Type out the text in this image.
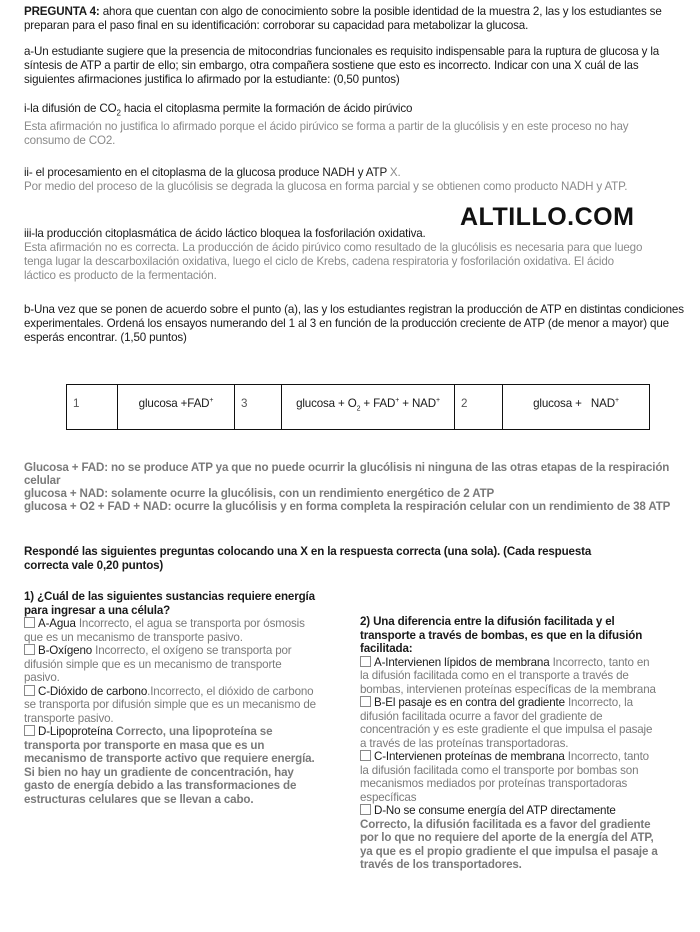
PREGUNTA 4: ahora que cuentan con algo de conocimiento sobre la posible identidad de la muestra 2, las y los estudiantes se preparan para el paso final en su identificación: corroborar su capacidad para metabolizar la glucosa.
a-Un estudiante sugiere que la presencia de mitocondrias funcionales es requisito indispensable para la ruptura de glucosa y la síntesis de ATP a partir de ello; sin embargo, otra compañera sostiene que esto es incorrecto. Indicar con una X cuál de las siguientes afirmaciones justifica lo afirmado por la estudiante: (0,50 puntos)
i-la difusión de $CO_2$ hacia el citoplasma permite la formación de ácido pirúvico
Esta afirmación no justifica lo afirmado porque el ácido pirúvico se forma a partir de la glucólisis y en este proceso no hay consumo de CO2.
ii- el procesamiento en el citoplasma de la glucosa produce NADH y ATP X.
Por medio del proceso de la glucólisis se degrada la glucosa en forma parcial y se obtienen como producto NADH y ATP.
ALTILLO.COM
iii-la producción citoplasmática de ácido láctico bloquea la fosforilación oxidativa.
Esta afirmación no es correcta. La producción de ácido pirúvico como resultado de la glucólisis es necesaria para que luego tenga lugar la descarboxilación oxidativa, luego el ciclo de Krebs, cadena respiratoria y fosforilación oxidativa. El ácido láctico es producto de la fermentación.
b-Una vez que se ponen de acuerdo sobre el punto (a), las y los estudiantes registran la producción de ATP en distintas condiciones experimentales. Ordená los ensayos numerando del 1 al 3 en función de la producción creciente de ATP (de menor a mayor) que esperás encontrar. (1,50 puntos)
1	glucosa +FAD+	3	$glucosa + O_2 + FAD^+ + NAD^+$	2	glucosa +   NAD+
Glucosa + FAD: no se produce ATP ya que no puede ocurrir la glucólisis ni ninguna de las otras etapas de la respiración celular
glucosa + NAD: solamente ocurre la glucólisis, con un rendimiento energético de 2 ATP
glucosa + O2 + FAD + NAD: ocurre la glucólisis y en forma completa la respiración celular con un rendimiento de 38 ATP
Respondé las siguientes preguntas colocando una X en la respuesta correcta (una sola). (Cada respuesta correcta vale 0,20 puntos)
1) ¿Cuál de las siguientes sustancias requiere energía para ingresar a una célula?
A-Agua Incorrecto, el agua se transporta por ósmosis que es un mecanismo de transporte pasivo.
B-Oxígeno Incorrecto, el oxígeno se transporta por difusión simple que es un mecanismo de transporte pasivo.
C-Dióxido de carbono.Incorrecto, el dióxido de carbono se transporta por difusión simple que es un mecanismo de transporte pasivo.
D-Lipoproteína Correcto, una lipoproteína se transporta por transporte en masa que es un mecanismo de transporte activo que requiere energía. Si bien no hay un gradiente de concentración, hay gasto de energía debido a las transformaciones de estructuras celulares que se llevan a cabo.
2) Una diferencia entre la difusión facilitada y el transporte a través de bombas, es que en la difusión facilitada:
A-Intervienen lípidos de membrana Incorrecto, tanto en la difusión facilitada como en el transporte a través de bombas, intervienen proteínas específicas de la membrana
B-El pasaje es en contra del gradiente Incorrecto, la difusión facilitada ocurre a favor del gradiente de concentración y es este gradiente el que impulsa el pasaje a través de las proteínas transportadoras.
C-Intervienen proteínas de membrana Incorrecto, tanto la difusión facilitada como el transporte por bombas son mecanismos mediados por proteínas transportadoras específicas
D-No se consume energía del ATP directamente Correcto, la difusión facilitada es a favor del gradiente por lo que no requiere del aporte de la energía del ATP, ya que es el propio gradiente el que impulsa el pasaje a través de los transportadores.
